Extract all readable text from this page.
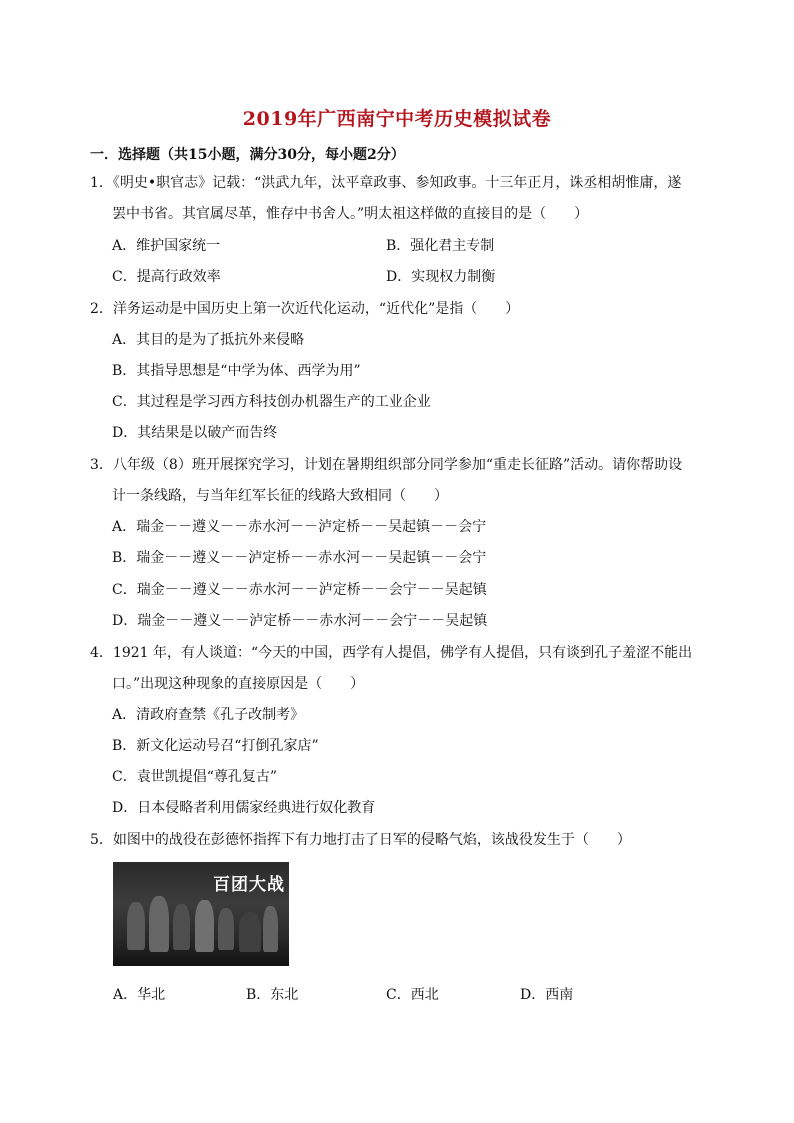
2019年广西南宁中考历史模拟试卷
一．选择题（共15小题，满分30分，每小题2分）
1．《明史•职官志》记载：“洪武九年，汰平章政事、参知政事。十三年正月，诛丞相胡惟庸，遂
罢中书省。其官属尽革，惟存中书舍人。”明太祖这样做的直接目的是（　　）
A．维护国家统一	B．强化君主专制
C．提高行政效率	D．实现权力制衡
2．洋务运动是中国历史上第一次近代化运动，“近代化”是指（　　）
A．其目的是为了抵抗外来侵略
B．其指导思想是“中学为体、西学为用”
C．其过程是学习西方科技创办机器生产的工业企业
D．其结果是以破产而告终
3．八年级（8）班开展探究学习，计划在暑期组织部分同学参加“重走长征路”活动。请你帮助设
计一条线路，与当年红军长征的线路大致相同（　　）
A．瑞金－－遵义－－赤水河－－泸定桥－－吴起镇－－会宁
B．瑞金－－遵义－－泸定桥－－赤水河－－吴起镇－－会宁
C．瑞金－－遵义－－赤水河－－泸定桥－－会宁－－吴起镇
D．瑞金－－遵义－－泸定桥－－赤水河－－会宁－－吴起镇
4．1921 年，有人谈道：“今天的中国，西学有人提倡，佛学有人提倡，只有谈到孔子羞涩不能出
口。”出现这种现象的直接原因是（　　）
A．清政府查禁《孔子改制考》
B．新文化运动号召“打倒孔家店”
C．袁世凯提倡“尊孔复古”
D．日本侵略者利用儒家经典进行奴化教育
5．如图中的战役在彭德怀指挥下有力地打击了日军的侵略气焰，该战役发生于（　　）
百团大战
A．华北	B．东北	C．西北	D．西南
